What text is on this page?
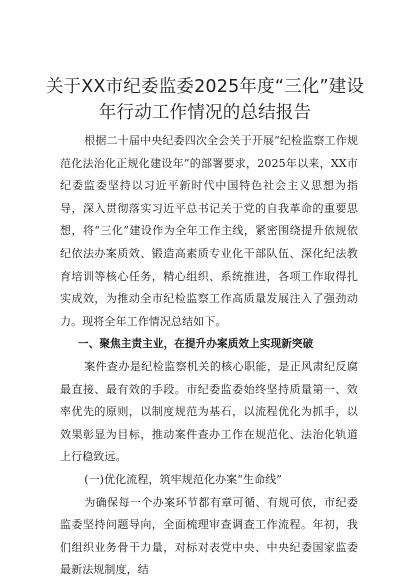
关于XX市纪委监委2025年度“三化”建设
年行动工作情况的总结报告

根据二十届中央纪委四次全会关于开展“纪检监察工作规范化法治化正规化建设年”的部署要求，2025年以来，XX市纪委监委坚持以习近平新时代中国特色社会主义思想为指导，深入贯彻落实习近平总书记关于党的自我革命的重要思想，将“三化”建设作为全年工作主线，紧密围绕提升依规依纪依法办案质效、锻造高素质专业化干部队伍、深化纪法教育培训等核心任务，精心组织、系统推进，各项工作取得扎实成效，为推动全市纪检监察工作高质量发展注入了强劲动力。现将全年工作情况总结如下。

一、聚焦主责主业，在提升办案质效上实现新突破

案件查办是纪检监察机关的核心职能，是正风肃纪反腐最直接、最有效的手段。市纪委监委始终坚持质量第一、效率优先的原则，以制度规范为基石，以流程优化为抓手，以效果彰显为目标，推动案件查办工作在规范化、法治化轨道上行稳致远。

(一)优化流程，筑牢规范化办案“生命线”

为确保每一个办案环节都有章可循、有规可依，市纪委监委坚持问题导向，全面梳理审查调查工作流程。年初，我们组织业务骨干力量，对标对表党中央、中央纪委国家监委最新法规制度，结
